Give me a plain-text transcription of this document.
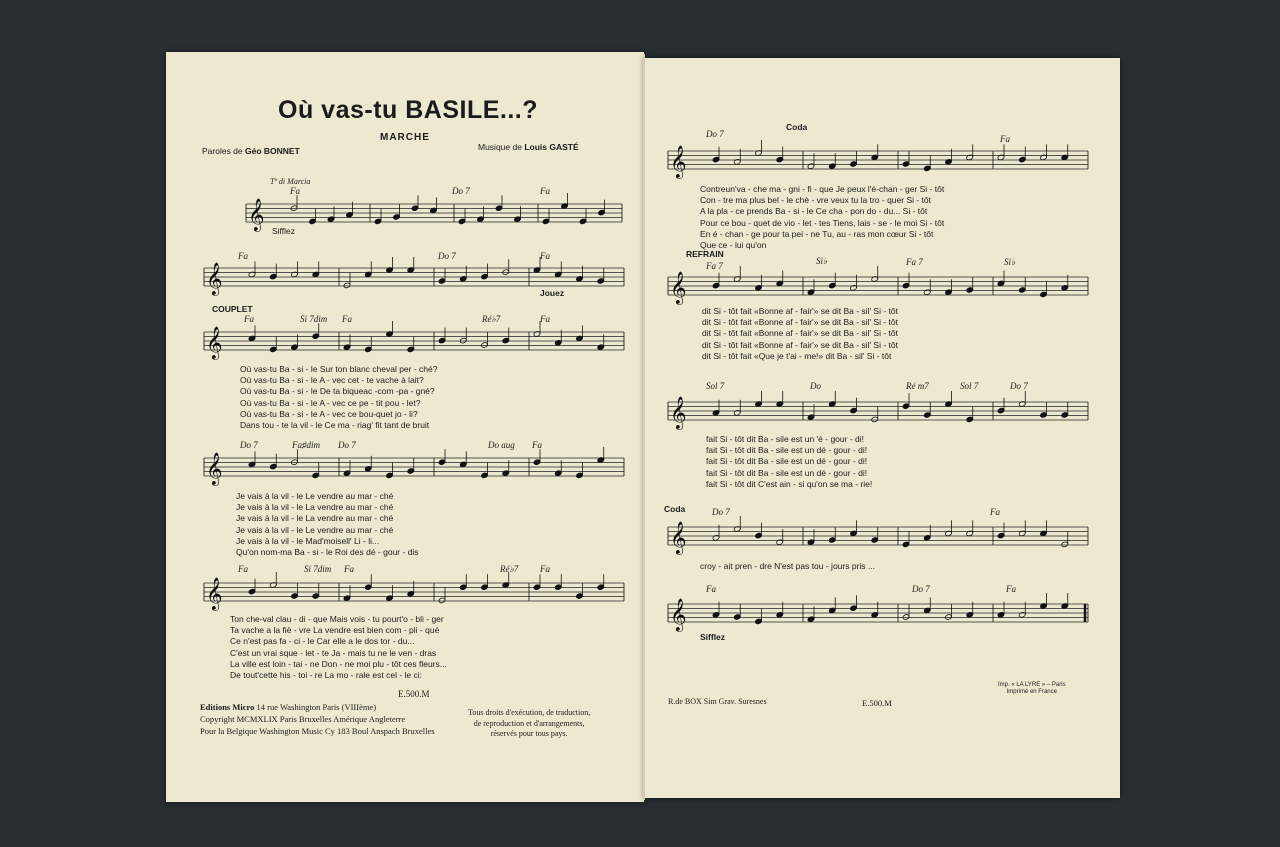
𝄞
𝄞
𝄞
𝄞
𝄞
𝄞
𝄞
𝄞
𝄞
𝄞
Où vas-tu BASILE...?
MARCHE
Paroles de Géo BONNET	Musique de Louis GASTÉ
Tº di Marcia
Fa	Do 7	Fa
Sifflez
Fa	Do 7	Fa
Jouez
COUPLET
Fa	Si 7dim Fa	Ré♭7	Fa
Où vas-tu Ba - si - le Sur ton blanc cheval per - ché?
Où vas-tu Ba - si - le A - vec cet - te vache à lait?
Où vas-tu Ba - si - le De ta biqueac -com -pa - gné?
Où vas-tu Ba - si - le A - vec ce pe - tit pou - let?
Où vas-tu Ba - si - le A - vec ce bou-quet jo - li?
Dans tou - te la vil - le Ce ma - riag' fit tant de bruit
Do 7	Fa♯dim Do 7	Do aug Fa
Je vais à la vil - le Le vendre au mar - ché
Je vais à la vil - le La vendre au mar - ché
Je vais à la vil - le La vendre au mar - ché
Je vais à la vil - le Le vendre au mar - ché
Je vais à la vil - le Mad'moisell' Li - li...
Qu'on nom-ma Ba - si - le Roi des dé - gour - dis
Fa	Si 7dim Fa	Ré♭7 Fa
Ton che-val clau - di - que Mais vois - tu pourt'o - bli - ger
Ta vache a la fiè - vre La vendre est bien com - pli - qué
Ce n'est pas fa - ci - le Car elle a le dos tor - du...
C'est un vrai sque - let - te Ja - mais tu ne le ven - dras
La ville est loin - tai - ne Don - ne moi plu - tôt ces fleurs...
De tout'cette his - toi - re La mo - rale est cel - le ci:
E.500.M
Editions Micro 14 rue Washington Paris (VIIIème)
Copyright MCMXLIX Paris Bruxelles Amérique Angleterre
Pour la Belgique Washington Music Cy 183 Boul Anspach Bruxelles
Tous droits d'exécution, de traduction,
de reproduction et d'arrangements,
réservés pour tous pays.
Do 7
Coda
Fa
Contreun'va - che ma - gni - fi - que Je peux l'é-chan - ger Si - tôt
Con - tre ma plus bel - le chè - vre veux tu la tro - quer Si - tôt
A la pla - ce prends Ba - si - le Ce cha - pon do - du... Si - tôt
Pour ce bou - quet de vio - let - tes Tiens, lais - se - le moi Si - tôt
En é - chan - ge pour ta pei - ne Tu, au - ras mon cœur Si - tôt
Que ce - lui qu'on
REFRAIN
Fa 7	Si♭	Fa 7	Si♭
dit Si - tôt fait «Bonne af - fair'» se dit Ba - sil' Si - tôt
dit Si - tôt fait «Bonne af - fair'» se dit Ba - sil' Si - tôt
dit Si - tôt fait «Bonne af - fair'» se dit Ba - sil' Si - tôt
dit Si - tôt fait «Bonne af - fair'» se dit Ba - sil' Si - tôt
dit Si - tôt fait «Que je t'ai - me!» dit Ba - sil' Si - tôt
Sol 7	Do	Ré m7	Sol 7	Do 7
fait Si - tôt dit Ba - sile est un 'é - gour - di!
fait Si - tôt dit Ba - sile est un dé - gour - di!
fait Si - tôt dit Ba - sile est un dé - gour - di!
fait Si - tôt dit Ba - sile est un dé - gour - di!
fait Si - tôt dit C'est ain - si qu'on se ma - rie!
Coda	Do 7	Fa
croy - ait pren - dre N'est pas tou - jours pris ...
Fa	Do 7	Fa
Sifflez
R.de BOX Sim Grav. Suresnes	E.500.M
Imp. « LA LYRE » – Paris
Imprimé en France
